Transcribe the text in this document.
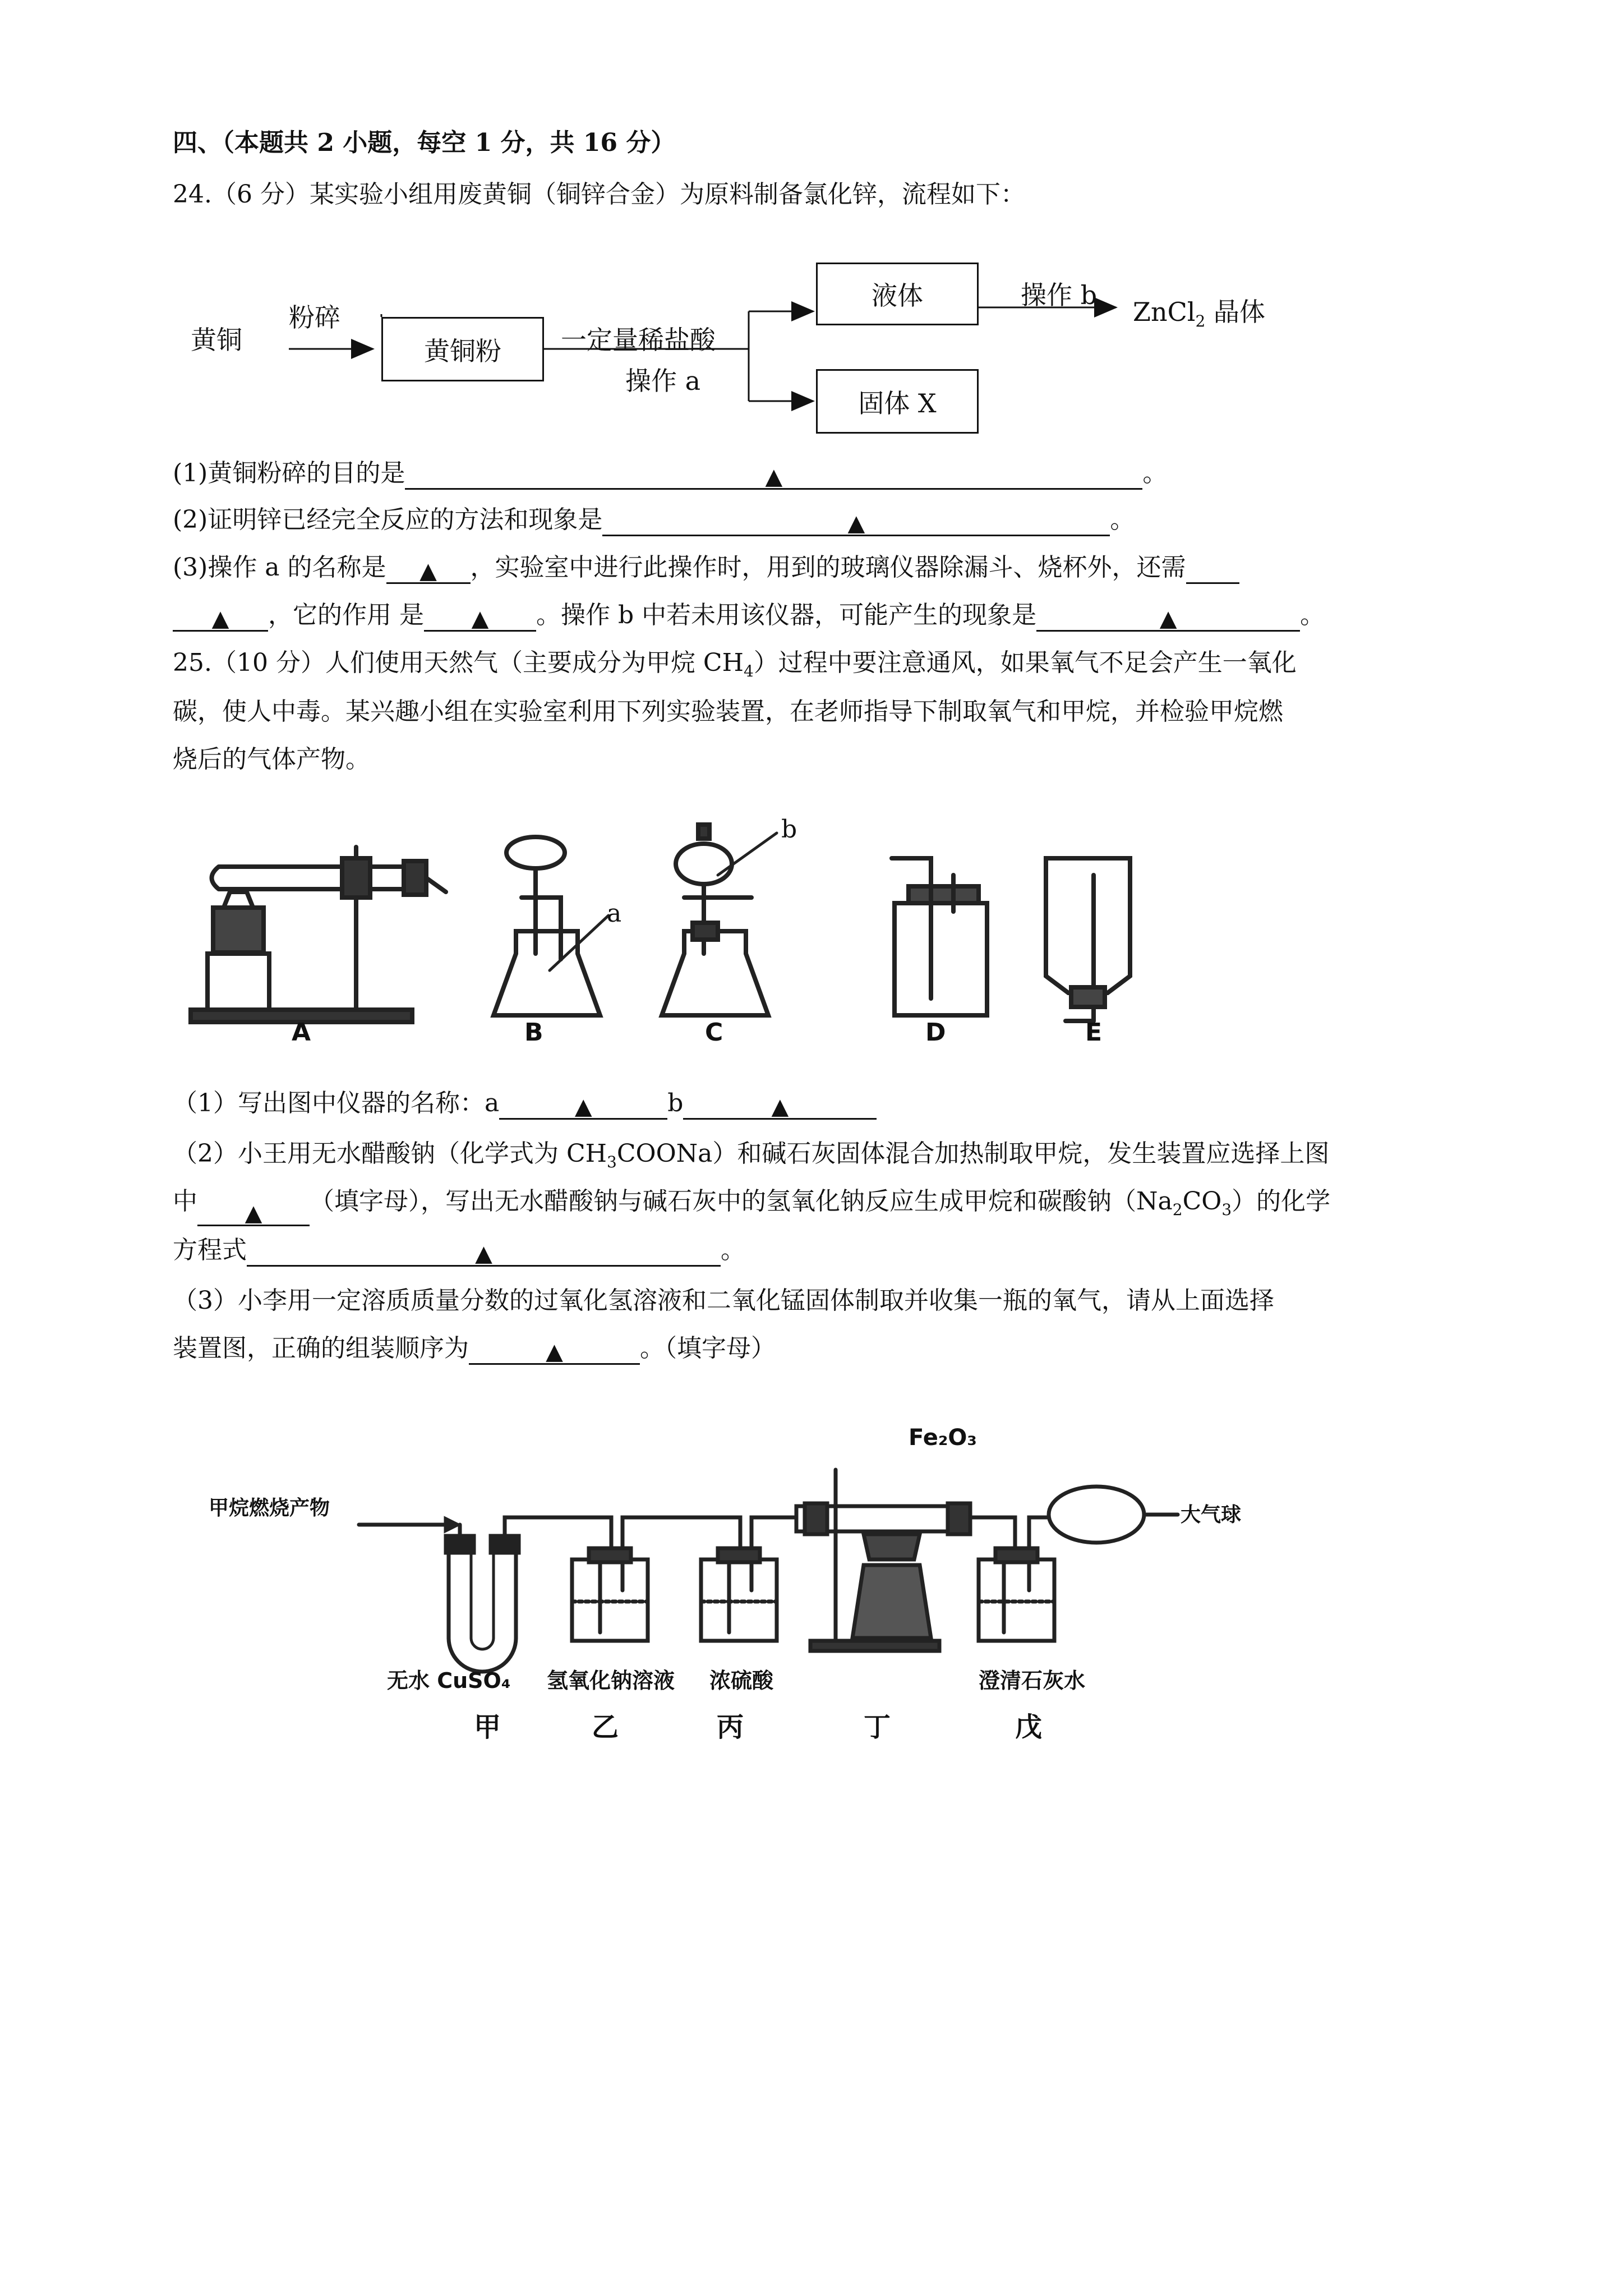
四、（本题共 2 小题，每空 1 分，共 16 分）
24.（6 分）某实验小组用废黄铜（铜锌合金）为原料制备氯化锌，流程如下：
黄铜
粉碎
黄铜粉 一定量稀盐酸
操作 a
液体	操作 b
ZnCl$_2$ 晶体
固体 X
(1)黄铜粉碎的目的是	▲	。
(2)证明锌已经完全反应的方法和现象是	▲	。
(3)操作 a 的名称是 ▲ ，实验室中进行此操作时，用到的玻璃仪器除漏斗、烧杯外，还需
▲ ，它的作用 是 ▲ 。操作 b 中若未用该仪器，可能产生的现象是	▲	。
25.（10 分）人们使用天然气（主要成分为甲烷 $CH_4$）过程中要注意通风，如果氧气不足会产生一氧化
碳，使人中毒。某兴趣小组在实验室利用下列实验装置，在老师指导下制取氧气和甲烷，并检验甲烷燃
烧后的气体产物。
A	B	C	D	E
a
b
（1）写出图中仪器的名称：a	▲	b	▲
（2）小王用无水醋酸钠（化学式为 $CH_3COONa$）和碱石灰固体混合加热制取甲烷，发生装置应选择上图
中 ▲ （填字母），写出无水醋酸钠与碱石灰中的氢氧化钠反应生成甲烷和碳酸钠$(Na_2CO_3)$的化学
方程式	▲	。
（3）小李用一定溶质质量分数的过氧化氢溶液和二氧化锰固体制取并收集一瓶的氧气，请从上面选择
装置图，正确的组装顺序为	▲	。（填字母）
甲烷燃烧产物	大气球
Fe₂O₃
无水 CuSO₄ 氢氧化钠溶液 浓硫酸	澄清石灰水
甲	乙	丙	丁	戊
